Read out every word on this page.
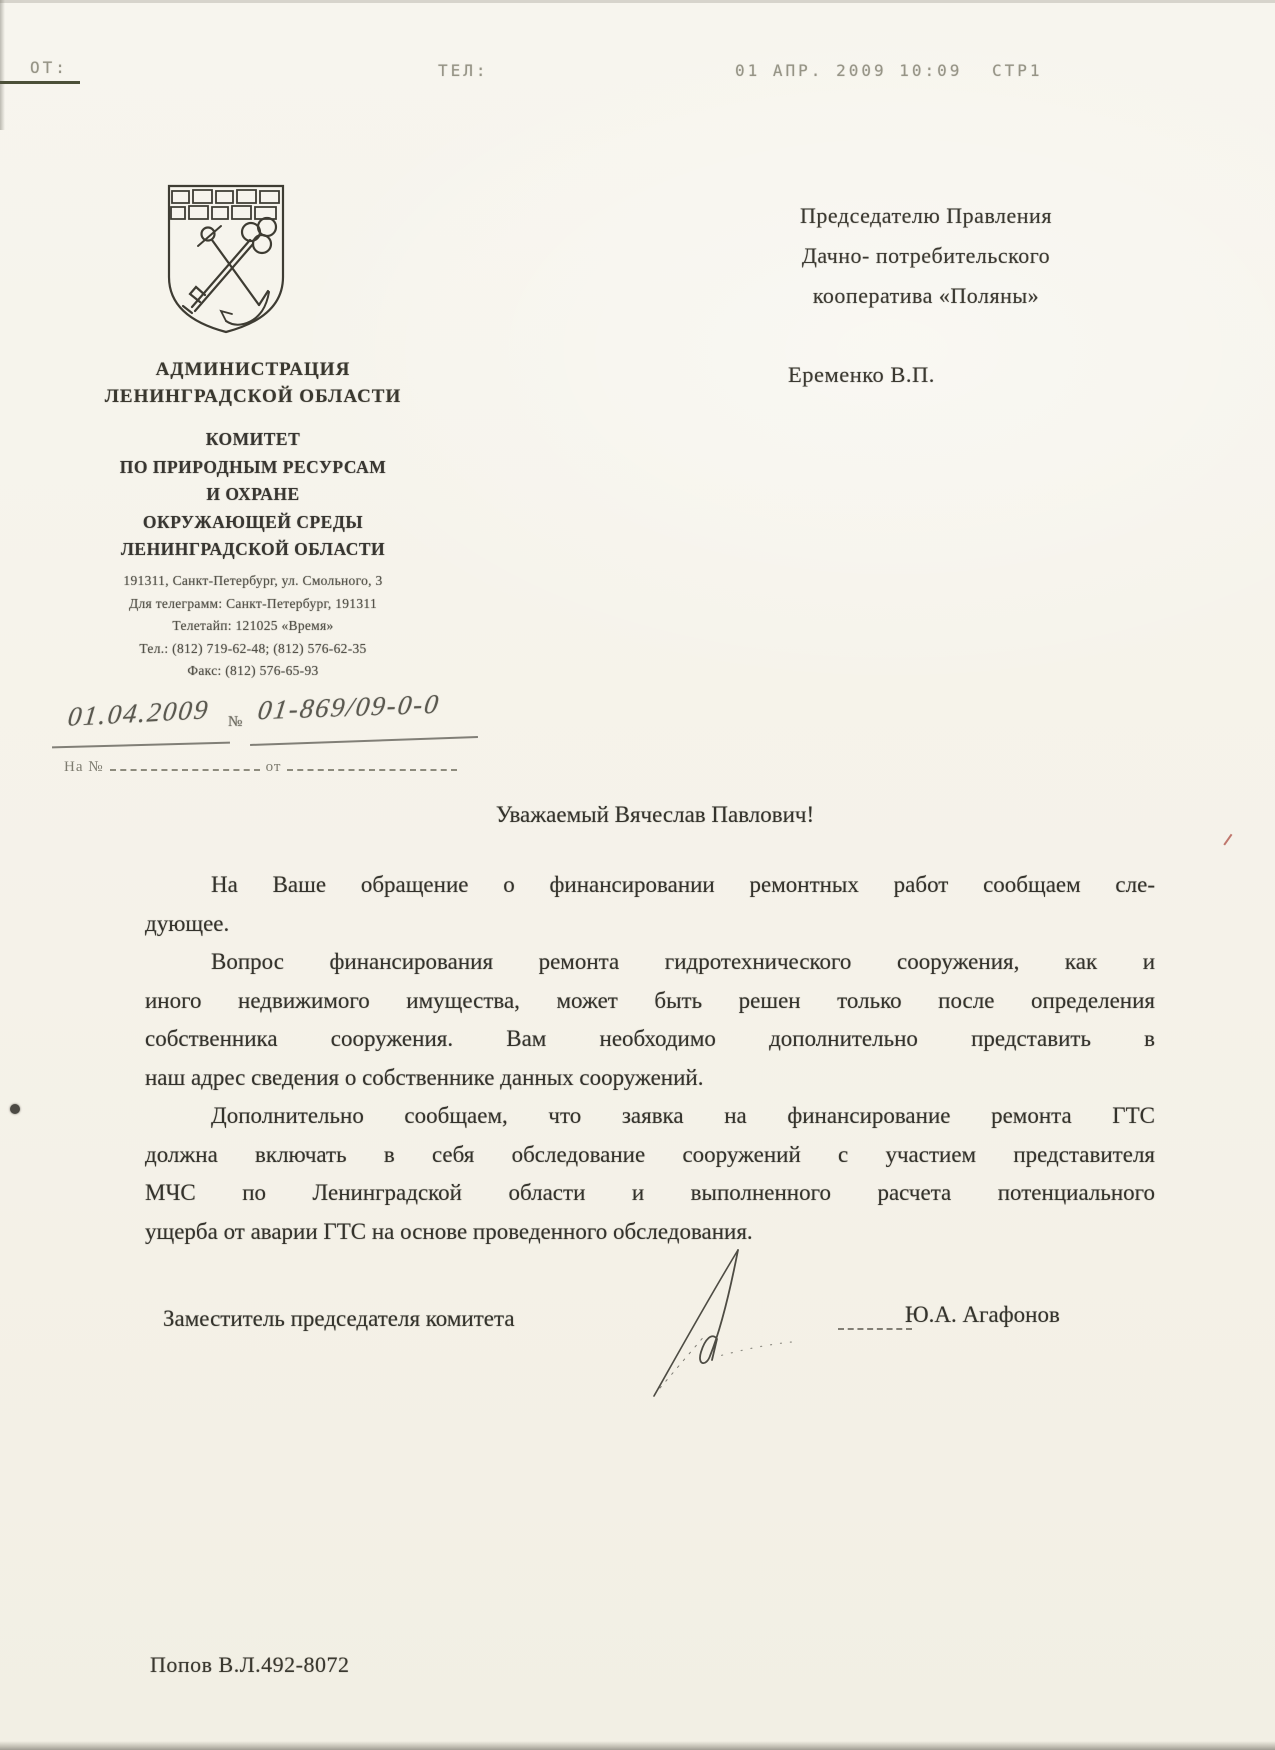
ОТ:	ТЕЛ:	01 АПР. 2009 10:09 СТР1
АДМИНИСТРАЦИЯ
ЛЕНИНГРАДСКОЙ ОБЛАСТИ
КОМИТЕТ
ПО ПРИРОДНЫМ РЕСУРСАМ
И ОХРАНЕ
ОКРУЖАЮЩЕЙ СРЕДЫ
ЛЕНИНГРАДСКОЙ ОБЛАСТИ
191311, Санкт-Петербург, ул. Смольного, 3
Для телеграмм: Санкт-Петербург, 191311
Телетайп: 121025 «Время»
Тел.: (812) 719-62-48; (812) 576-62-35
Факс: (812) 576-65-93
01.04.2009 № 01-869/09-0-0
На №	от
Председателю Правления
Дачно- потребительского
кооператива «Поляны»
Еременко В.П.
Уважаемый Вячеслав Павлович!
На Ваше обращение о финансировании ремонтных работ сообщаем сле-
дующее.
Вопрос финансирования ремонта гидротехнического сооружения, как и
иного недвижимого имущества, может быть решен только после определения
собственника сооружения. Вам необходимо дополнительно представить в
наш адрес сведения о собственнике данных сооружений.
Дополнительно сообщаем, что заявка на финансирование ремонта ГТС
должна включать в себя обследование сооружений с участием представителя
МЧС по Ленинградской области и выполненного расчета потенциального
ущерба от аварии ГТС на основе проведенного обследования.
Заместитель председателя комитета	Ю.А. Агафонов
Попов В.Л.492-8072
